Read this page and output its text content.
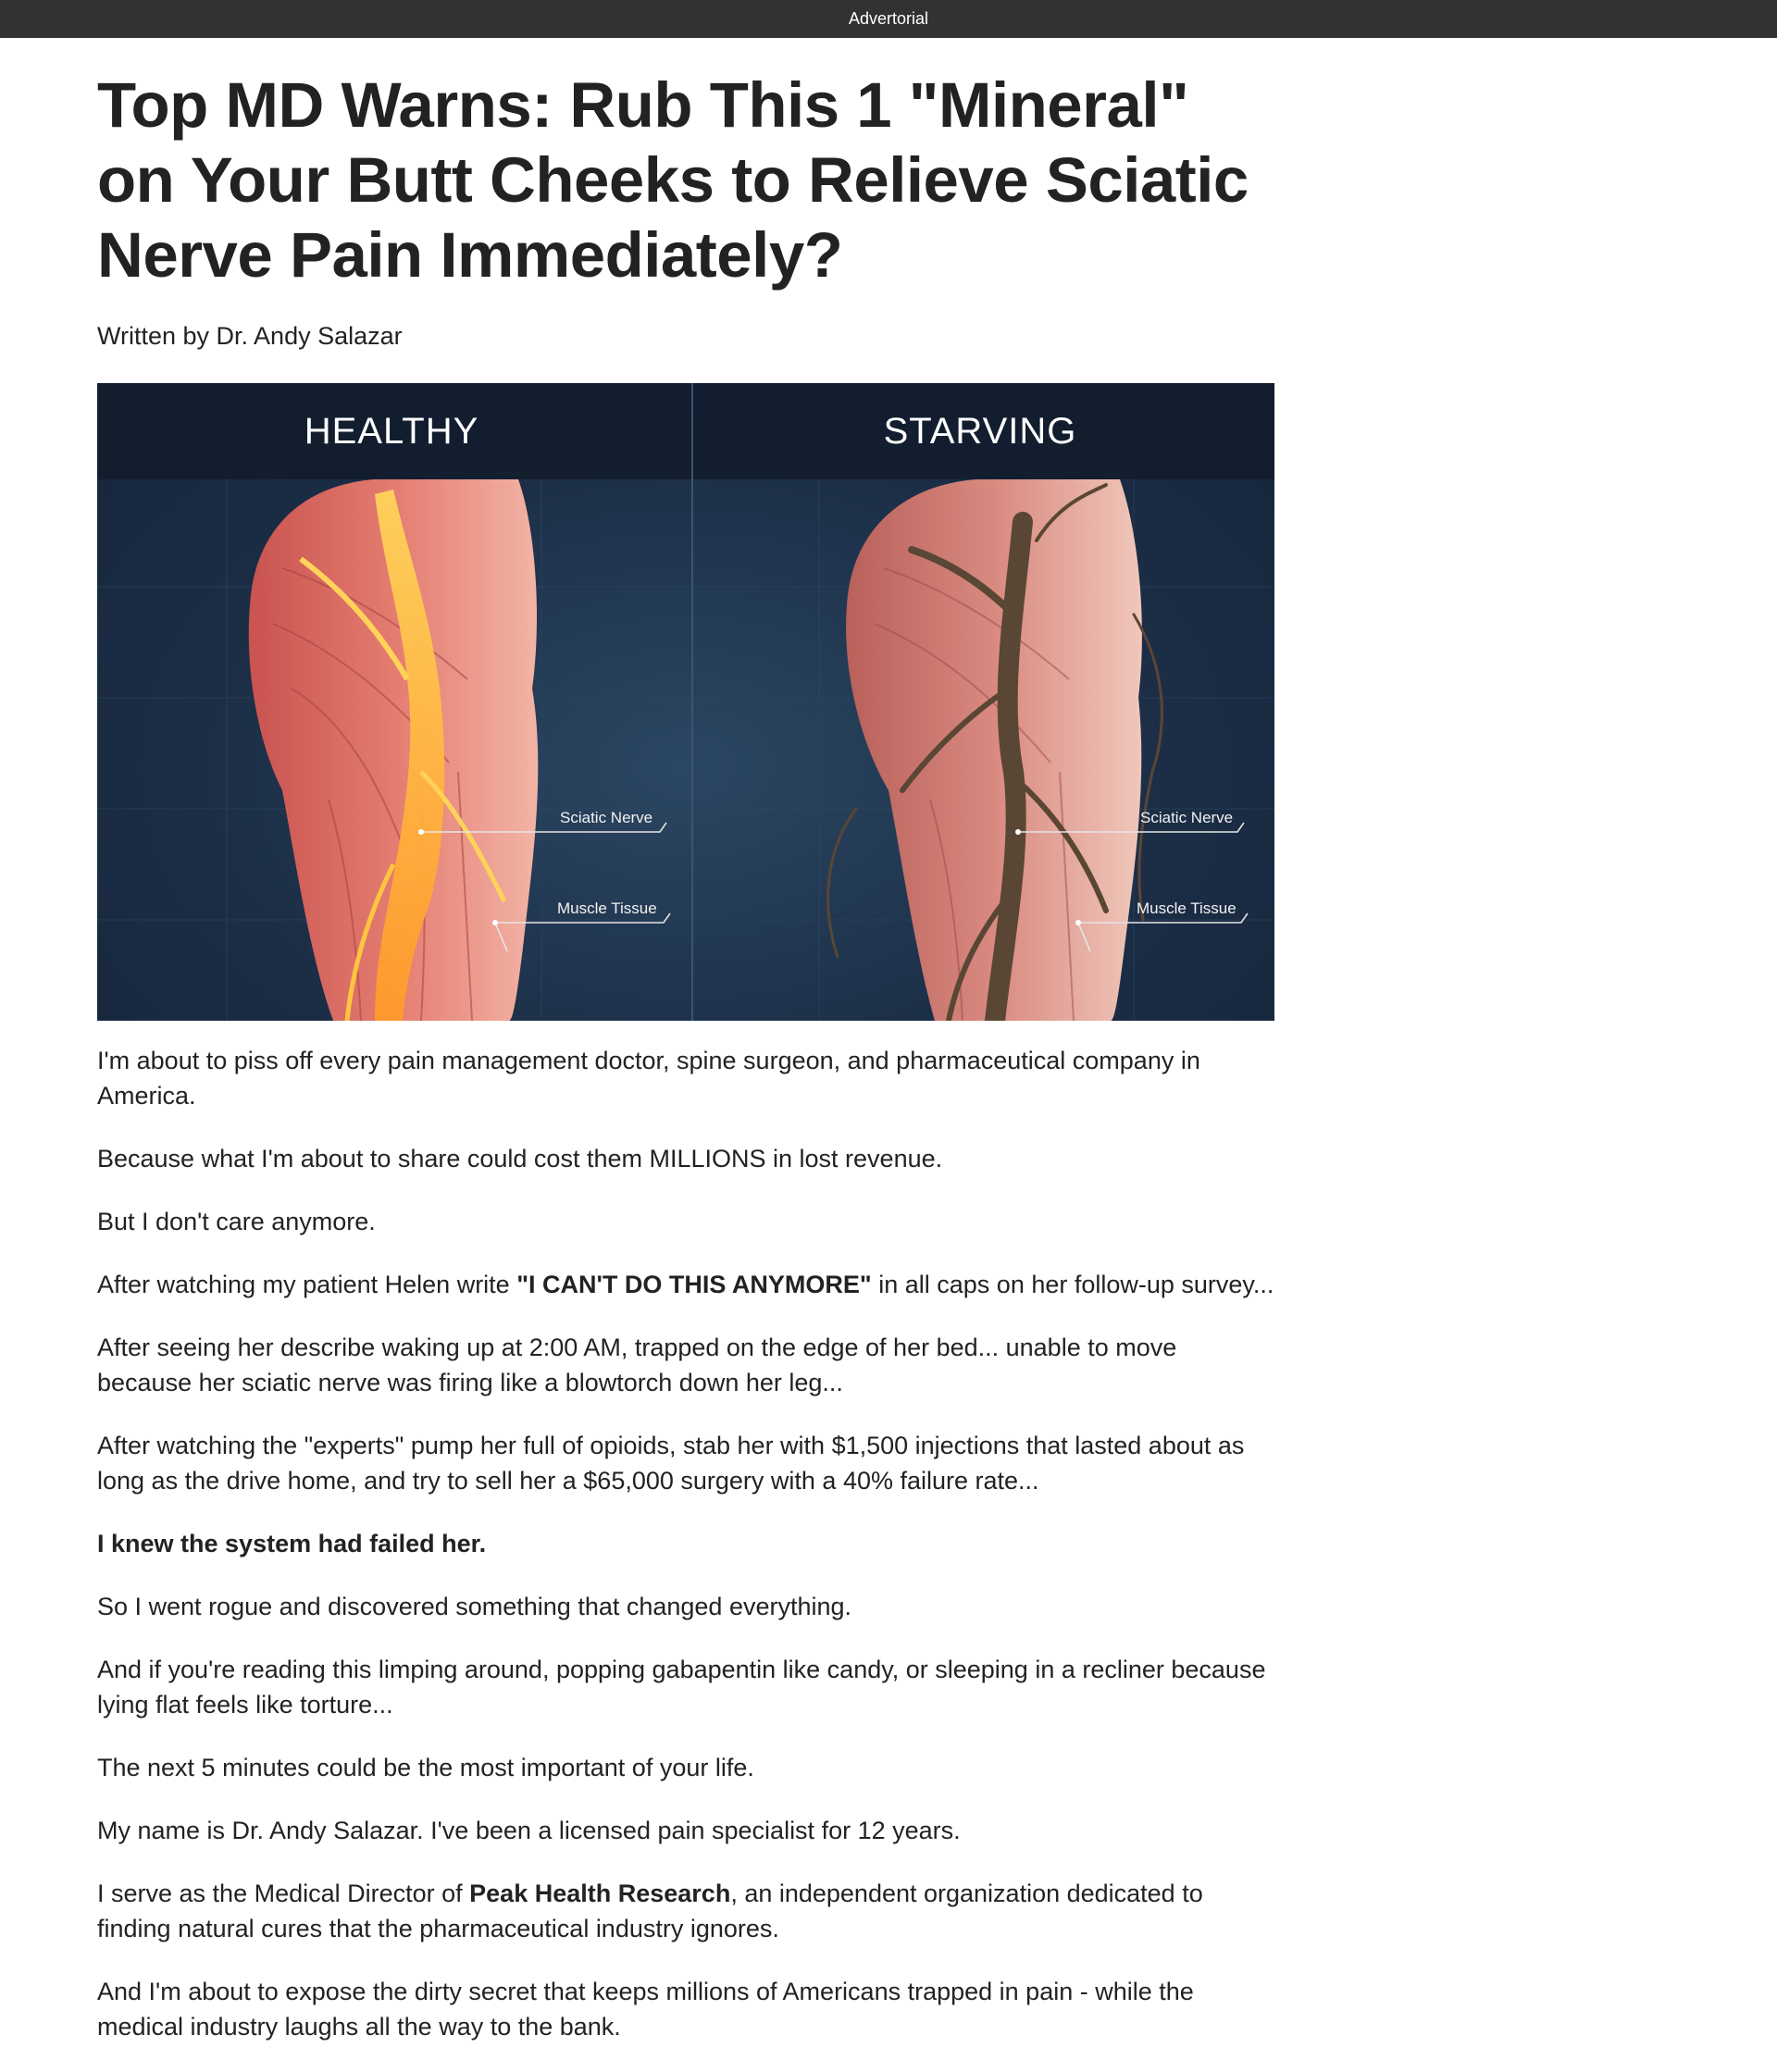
Advertorial
Top MD Warns: Rub This 1 "Mineral" on Your Butt Cheeks to Relieve Sciatic Nerve Pain Immediately?
Written by Dr. Andy Salazar
HEALTHY	STARVING
Sciatic Nerve
Muscle Tissue
Sciatic Nerve
Muscle Tissue

I'm about to piss off every pain management doctor, spine surgeon, and pharmaceutical company in America.

Because what I'm about to share could cost them MILLIONS in lost revenue.

But I don't care anymore.

After watching my patient Helen write "I CAN'T DO THIS ANYMORE" in all caps on her follow-up survey...

After seeing her describe waking up at 2:00 AM, trapped on the edge of her bed... unable to move because her sciatic nerve was firing like a blowtorch down her leg...

After watching the "experts" pump her full of opioids, stab her with $1,500 injections that lasted about as long as the drive home, and try to sell her a $65,000 surgery with a 40% failure rate...

I knew the system had failed her.

So I went rogue and discovered something that changed everything.

And if you're reading this limping around, popping gabapentin like candy, or sleeping in a recliner because lying flat feels like torture...

The next 5 minutes could be the most important of your life.

My name is Dr. Andy Salazar. I've been a licensed pain specialist for 12 years.

I serve as the Medical Director of Peak Health Research, an independent organization dedicated to finding natural cures that the pharmaceutical industry ignores.

And I'm about to expose the dirty secret that keeps millions of Americans trapped in pain - while the medical industry laughs all the way to the bank.
